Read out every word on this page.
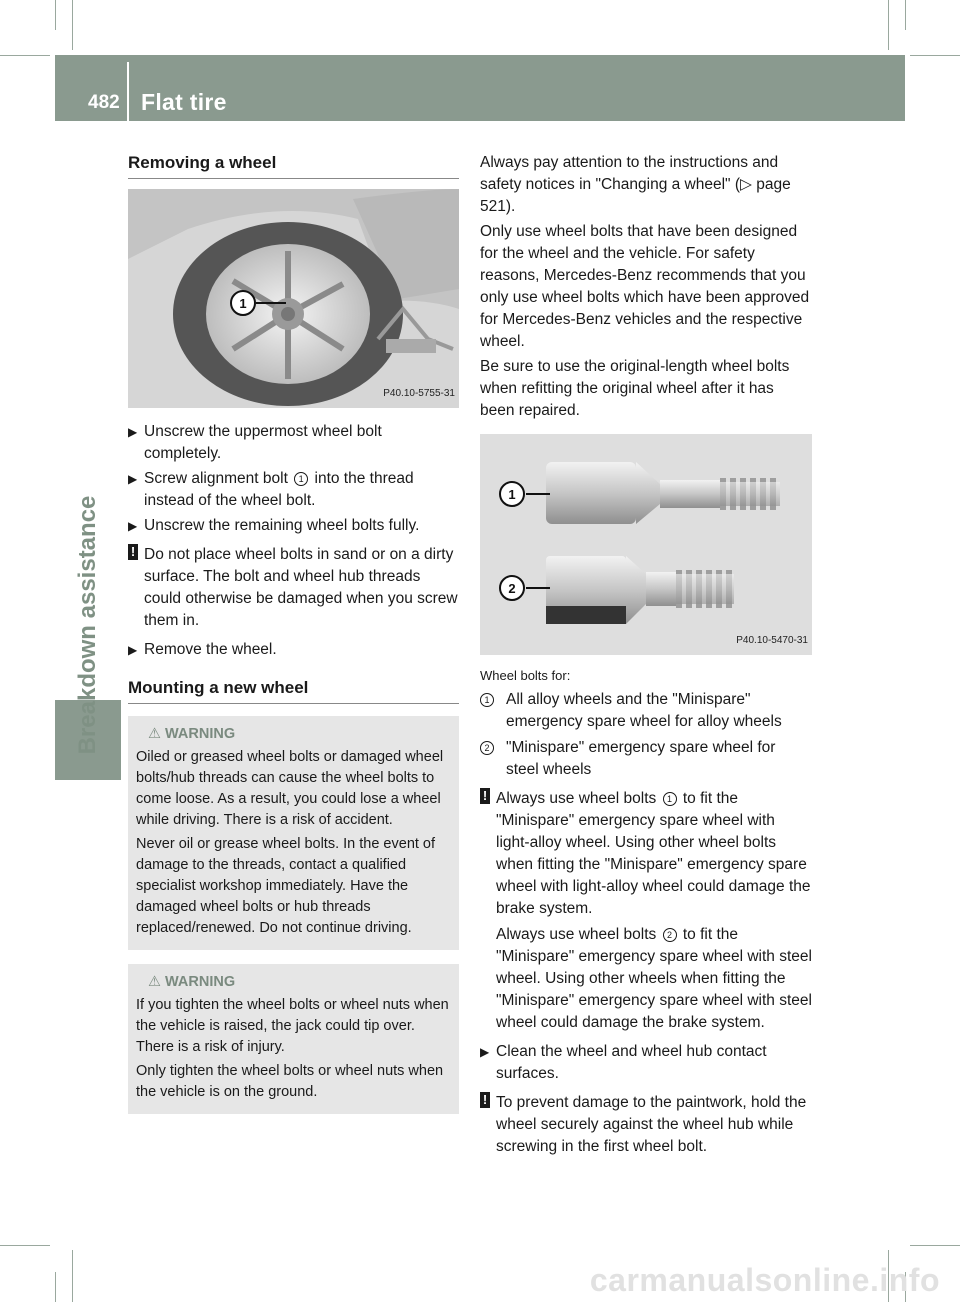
482 Flat tire
Breakdown assistance
Removing a wheel
1
P40.10-5755-31
▶ Unscrew the uppermost wheel bolt completely.
▶ Screw alignment bolt 1 into the thread instead of the wheel bolt.
▶ Unscrew the remaining wheel bolts fully.
! Do not place wheel bolts in sand or on a dirty surface. The bolt and wheel hub threads could otherwise be damaged when you screw them in.

▶ Remove the wheel.
Mounting a new wheel
⚠ WARNING

Oiled or greased wheel bolts or damaged wheel bolts/hub threads can cause the wheel bolts to come loose. As a result, you could lose a wheel while driving. There is a risk of accident.

Never oil or grease wheel bolts. In the event of damage to the threads, contact a qualified specialist workshop immediately. Have the damaged wheel bolts or hub threads replaced/renewed. Do not continue driving.

⚠ WARNING

If you tighten the wheel bolts or wheel nuts when the vehicle is raised, the jack could tip over. There is a risk of injury.

Only tighten the wheel bolts or wheel nuts when the vehicle is on the ground.

Always pay attention to the instructions and safety notices in "Changing a wheel" (▷ page 521).

Only use wheel bolts that have been designed for the wheel and the vehicle. For safety reasons, Mercedes-Benz recommends that you only use wheel bolts which have been approved for Mercedes-Benz vehicles and the respective wheel.

Be sure to use the original-length wheel bolts when refitting the original wheel after it has been repaired.

1
2
P40.10-5470-31
Wheel bolts for:
1 All alloy wheels and the "Minispare" emergency spare wheel for alloy wheels
2 "Minispare" emergency spare wheel for steel wheels
! Always use wheel bolts 1 to fit the "Minispare" emergency spare wheel with light-alloy wheel. Using other wheel bolts when fitting the "Minispare" emergency spare wheel with light-alloy wheel could damage the brake system.

Always use wheel bolts 2 to fit the "Minispare" emergency spare wheel with steel wheel. Using other wheels when fitting the "Minispare" emergency spare wheel with steel wheel could damage the brake system.

▶ Clean the wheel and wheel hub contact surfaces.
! To prevent damage to the paintwork, hold the wheel securely against the wheel hub while screwing in the first wheel bolt.

carmanualsonline.info
